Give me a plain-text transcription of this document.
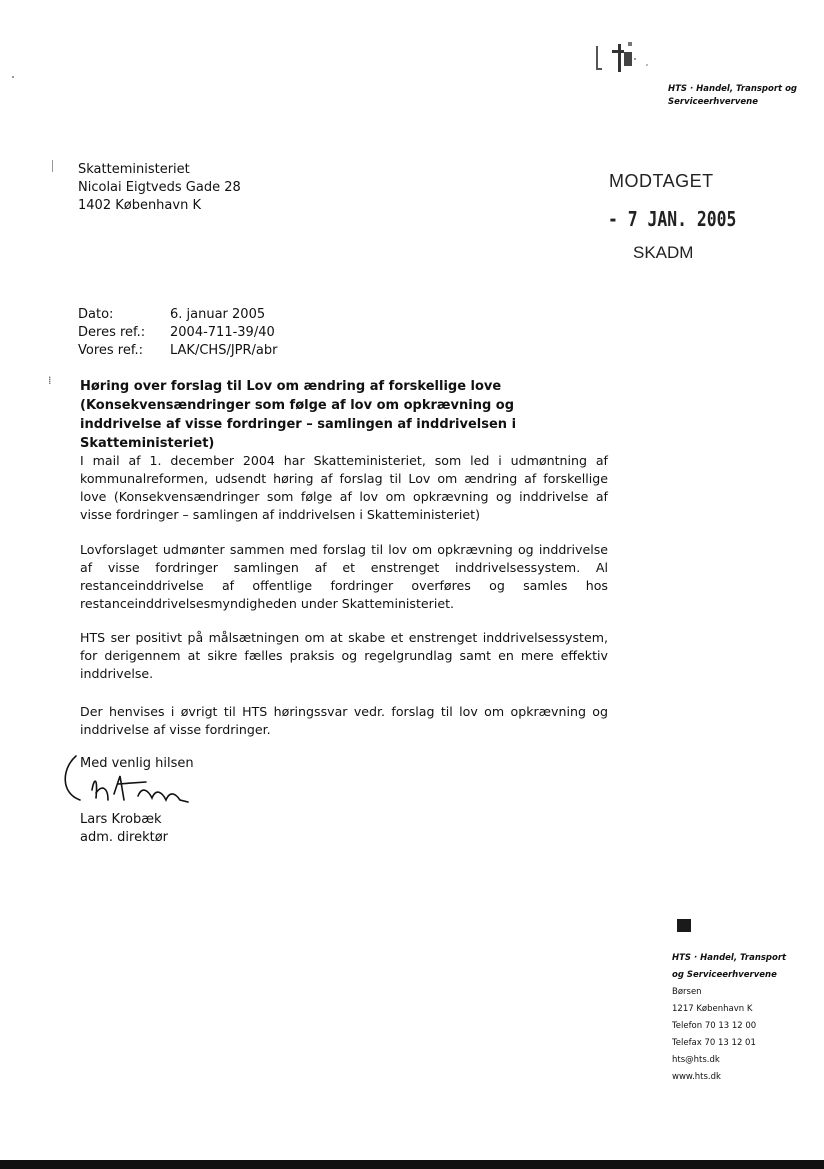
HTS · Handel, Transport og
Serviceerhvervene
Skatteministeriet
Nicolai Eigtveds Gade 28
1402 København K
MODTAGET
- 7 JAN. 2005
SKADM
Dato:	6. januar 2005
Deres ref.:	2004-711-39/40
Vores ref.:	LAK/CHS/JPR/abr
⁞ Høring over forslag til Lov om ændring af forskellige love (Konsekvensændringer som følge af lov om opkrævning og inddrivelse af visse fordringer – samlingen af inddrivelsen i Skatteministeriet)
I mail af 1. december 2004 har Skatteministeriet, som led i udmøntning af kommunalreformen, udsendt høring af forslag til Lov om ændring af forskellige love (Konsekvensændringer som følge af lov om opkrævning og inddrivelse af visse fordringer – samlingen af inddrivelsen i Skatteministeriet)
Lovforslaget udmønter sammen med forslag til lov om opkrævning og inddrivelse af visse fordringer samlingen af et enstrenget inddrivelsessystem. Al restanceinddrivelse af offentlige fordringer overføres og samles hos restanceinddrivelsesmyndigheden under Skatteministeriet.
HTS ser positivt på målsætningen om at skabe et enstrenget inddrivelsessystem, for derigennem at sikre fælles praksis og regelgrundlag samt en mere effektiv inddrivelse.
Der henvises i øvrigt til HTS høringssvar vedr. forslag til lov om opkrævning og inddrivelse af visse fordringer.
Med venlig hilsen
Lars Krobæk
adm. direktør
HTS · Handel, Transport
og Serviceerhvervene
Børsen
1217 København K
Telefon 70 13 12 00
Telefax 70 13 12 01
hts@hts.dk
www.hts.dk
